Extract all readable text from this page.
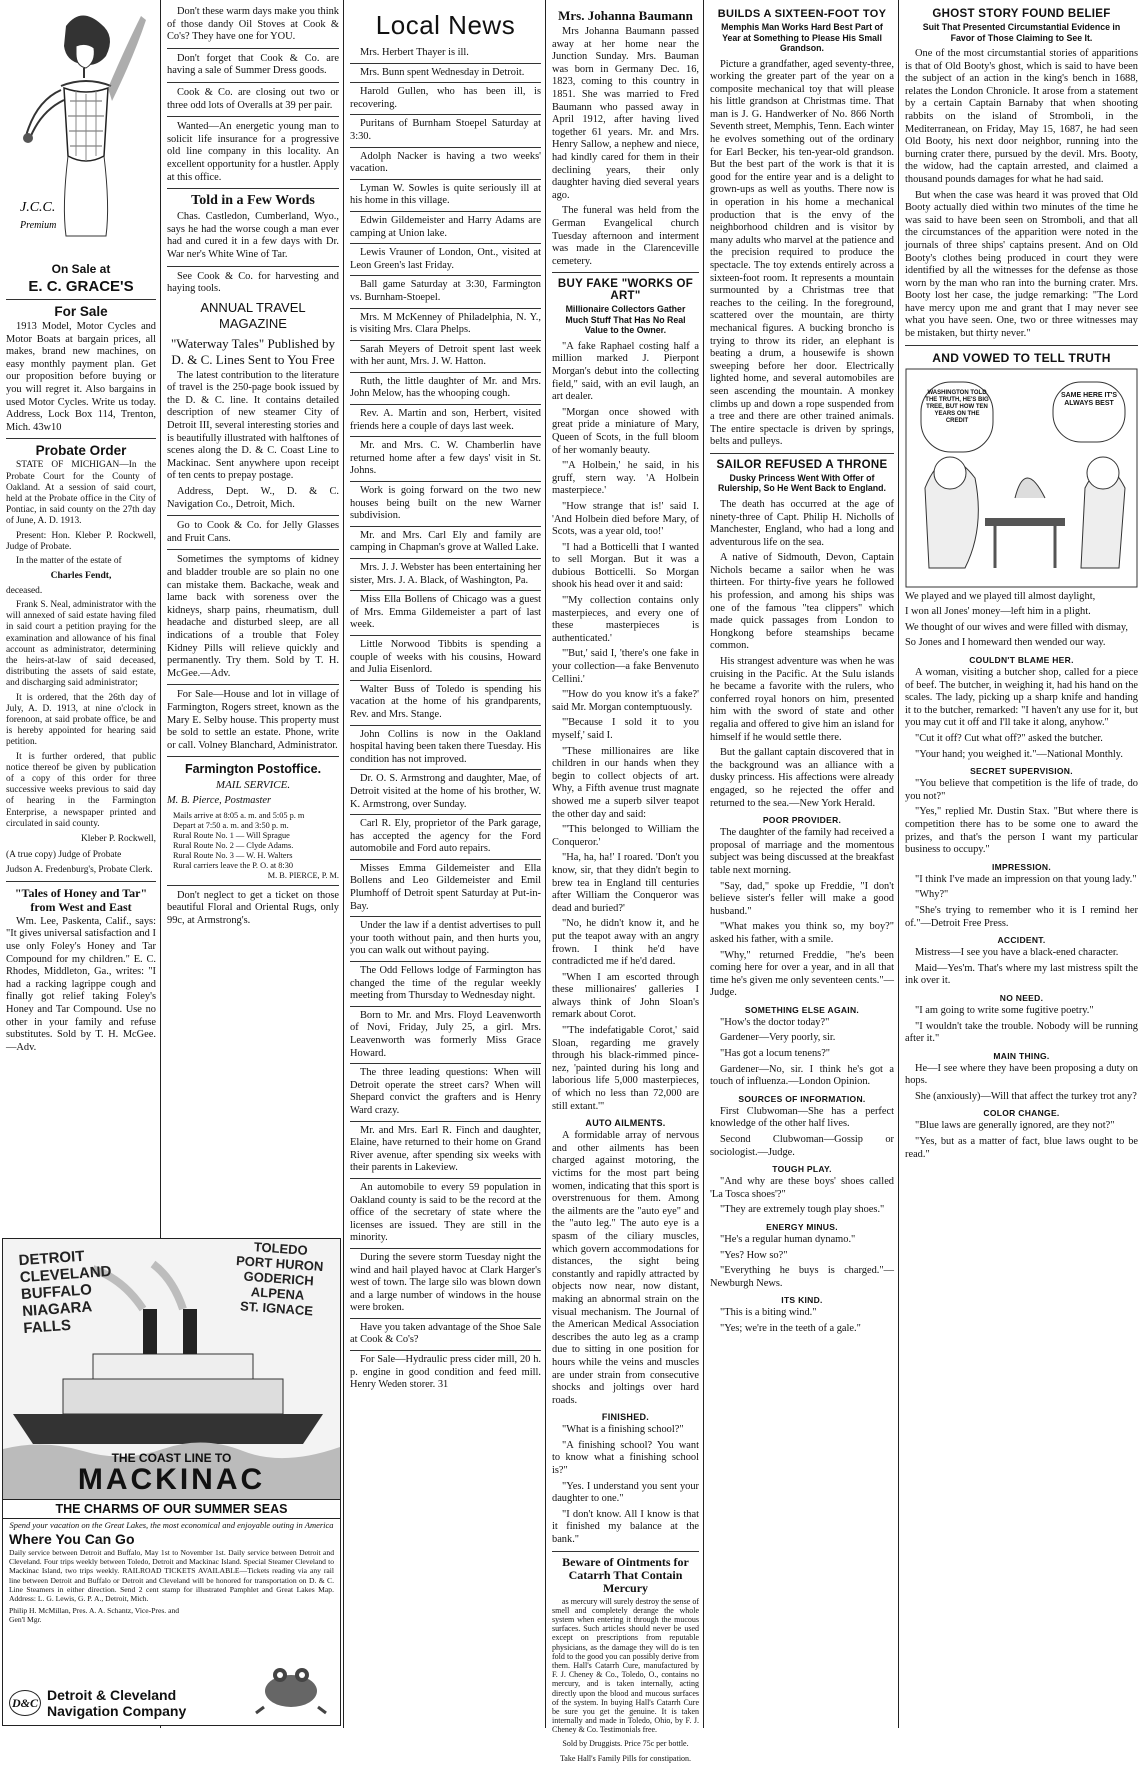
J.C.C.
Premium
On Sale at
E. C. GRACE'S
For Sale

1913 Model, Motor Cycles and Motor Boats at bargain prices, all makes, brand new machines, on easy monthly payment plan. Get our proposition before buying or you will regret it. Also bargains in used Motor Cycles. Write us today. Address, Lock Box 114, Trenton, Mich. 43w10

Probate Order

STATE OF MICHIGAN—In the Probate Court for the County of Oakland. At a session of said court, held at the Probate office in the City of Pontiac, in said county on the 27th day of June, A. D. 1913.

Present: Hon. Kleber P. Rockwell, Judge of Probate.

In the matter of the estate of

Charles Fendt,

deceased.

Frank S. Neal, administrator with the will annexed of said estate having filed in said court a petition praying for the examination and allowance of his final account as administrator, determining the heirs-at-law of said deceased, distributing the assets of said estate, and discharging said administrator;

It is ordered, that the 26th day of July, A. D. 1913, at nine o'clock in forenoon, at said probate office, be and is hereby appointed for hearing said petition.

It is further ordered, that public notice thereof be given by publication of a copy of this order for three successive weeks previous to said day of hearing in the Farmington Enterprise, a newspaper printed and circulated in said county.

Kleber P. Rockwell,

(A true copy) Judge of Probate

Judson A. Fredenburg's, Probate Clerk.

"Tales of Honey and Tar" from West and East

Wm. Lee, Paskenta, Calif., says: "It gives universal satisfaction and I use only Foley's Honey and Tar Compound for my children." E. C. Rhodes, Middleton, Ga., writes: "I had a racking lagrippe cough and finally got relief taking Foley's Honey and Tar Compound. Use no other in your family and refuse substitutes. Sold by T. H. McGee.—Adv.

Don't these warm days make you think of those dandy Oil Stoves at Cook & Co's? They have one for YOU.

Don't forget that Cook & Co. are having a sale of Summer Dress goods.

Cook & Co. are closing out two or three odd lots of Overalls at 39 per pair.

Wanted—An energetic young man to solicit life insurance for a progressive old line company in this locality. An excellent opportunity for a hustler. Apply at this office.

Told in a Few Words

Chas. Castledon, Cumberland, Wyo., says he had the worse cough a man ever had and cured it in a few days with Dr. War ner's White Wine of Tar.

See Cook & Co. for harvesting and haying tools.

ANNUAL TRAVEL
MAGAZINE
"Waterway Tales" Published by D. & C. Lines Sent to You Free

The latest contribution to the literature of travel is the 250-page book issued by the D. & C. line. It contains detailed description of new steamer City of Detroit III, several interesting stories and is beautifully illustrated with halftones of scenes along the D. & C. Coast Line to Mackinac. Sent anywhere upon receipt of ten cents to prepay postage.

Address, Dept. W., D. & C. Navigation Co., Detroit, Mich.

Go to Cook & Co. for Jelly Glasses and Fruit Cans.

Sometimes the symptoms of kidney and bladder trouble are so plain no one can mistake them. Backache, weak and lame back with soreness over the kidneys, sharp pains, rheumatism, dull headache and disturbed sleep, are all indications of a trouble that Foley Kidney Pills will relieve quickly and permanently. Try them. Sold by T. H. McGee.—Adv.

For Sale—House and lot in village of Farmington, Rogers street, known as the Mary E. Selby house. This property must be sold to settle an estate. Phone, write or call. Volney Blanchard, Administrator.

Farmington Postoffice.

MAIL SERVICE.

M. B. Pierce, Postmaster

Mails arrive at 8:05 a. m. and 5:05 p. m
Depart at 7:50 a. m. and 3:50 p. m.
Rural Route No. 1 — Will Sprague
Rural Route No. 2 — Clyde Adams.
Rural Route No. 3 — W. H. Walters
Rural carriers leave the P. O. at 8:30
M. B. PIERCE, P. M.

Don't neglect to get a ticket on those beautiful Floral and Oriental Rugs, only 99c, at Armstrong's.

DETROIT
CLEVELAND
BUFFALO
NIAGARA
FALLS
TOLEDO
PORT HURON
GODERICH
ALPENA
ST. IGNACE
THE COAST LINE TO
MACKINAC
THE CHARMS OF OUR SUMMER SEAS
Spend your vacation on the Great Lakes, the most economical and enjoyable outing in America
Where You Can Go
Daily service between Detroit and Buffalo, May 1st to November 1st. Daily service between Detroit and Cleveland. Four trips weekly between Toledo, Detroit and Mackinac Island. Special Steamer Cleveland to Mackinac Island, two trips weekly. RAILROAD TICKETS AVAILABLE—Tickets reading via any rail line between Detroit and Buffalo or Detroit and Cleveland will be honored for transportation on D. & C. Line Steamers in either direction. Send 2 cent stamp for illustrated Pamphlet and Great Lakes Map. Address: L. G. Lewis, G. P. A., Detroit, Mich.
Philip H. McMillan, Pres. A. A. Schantz, Vice-Pres. and Gen'l Mgr.
D&C Detroit & Cleveland
Navigation Company
Local News

Mrs. Herbert Thayer is ill.

Mrs. Bunn spent Wednesday in Detroit.

Harold Gullen, who has been ill, is recovering.

Puritans of Burnham Stoepel Saturday at 3:30.

Adolph Nacker is having a two weeks' vacation.

Lyman W. Sowles is quite seriously ill at his home in this village.

Edwin Gildemeister and Harry Adams are camping at Union lake.

Lewis Vrauner of London, Ont., visited at Leon Green's last Friday.

Ball game Saturday at 3:30, Farmington vs. Burnham-Stoepel.

Mrs. M McKenney of Philadelphia, N. Y., is visiting Mrs. Clara Phelps.

Sarah Meyers of Detroit spent last week with her aunt, Mrs. J. W. Hatton.

Ruth, the little daughter of Mr. and Mrs. John Melow, has the whooping cough.

Rev. A. Martin and son, Herbert, visited friends here a couple of days last week.

Mr. and Mrs. C. W. Chamberlin have returned home after a few days' visit in St. Johns.

Work is going forward on the two new houses being built on the new Warner subdivision.

Mr. and Mrs. Carl Ely and family are camping in Chapman's grove at Walled Lake.

Mrs. J. J. Webster has been entertaining her sister, Mrs. J. A. Black, of Washington, Pa.

Miss Ella Bollens of Chicago was a guest of Mrs. Emma Gildemeister a part of last week.

Little Norwood Tibbits is spending a couple of weeks with his cousins, Howard and Julia Eisenlord.

Walter Buss of Toledo is spending his vacation at the home of his grandparents, Rev. and Mrs. Stange.

John Collins is now in the Oakland hospital having been taken there Tuesday. His condition has not improved.

Dr. O. S. Armstrong and daughter, Mae, of Detroit visited at the home of his brother, W. K. Armstrong, over Sunday.

Carl R. Ely, proprietor of the Park garage, has accepted the agency for the Ford automobile and Ford auto repairs.

Misses Emma Gildemeister and Ella Bollens and Leo Gildemeister and Emil Plumhoff of Detroit spent Saturday at Put-in-Bay.

Under the law if a dentist advertises to pull your tooth without pain, and then hurts you, you can walk out without paying.

The Odd Fellows lodge of Farmington has changed the time of the regular weekly meeting from Thursday to Wednesday night.

Born to Mr. and Mrs. Floyd Leavenworth of Novi, Friday, July 25, a girl. Mrs. Leavenworth was formerly Miss Grace Howard.

The three leading questions: When will Detroit operate the street cars? When will Shepard convict the grafters and is Henry Ward crazy.

Mr. and Mrs. Earl R. Finch and daughter, Elaine, have returned to their home on Grand River avenue, after spending six weeks with their parents in Lakeview.

An automobile to every 59 population in Oakland county is said to be the record at the office of the secretary of state where the licenses are issued. They are still in the minority.

During the severe storm Tuesday night the wind and hail played havoc at Clark Harger's west of town. The large silo was blown down and a large number of windows in the house were broken.

Have you taken advantage of the Shoe Sale at Cook & Co's?

For Sale—Hydraulic press cider mill, 20 h. p. engine in good condition and feed mill. Henry Weden storer. 31

Mrs. Johanna Baumann

Mrs Johanna Baumann passed away at her home near the Junction Sunday. Mrs. Bauman was born in Germany Dec. 16, 1823, coming to this country in 1851. She was married to Fred Baumann who passed away in April 1912, after having lived together 61 years. Mr. and Mrs. Henry Sallow, a nephew and niece, had kindly cared for them in their declining years, their only daughter having died several years ago.

The funeral was held from the German Evangelical church Tuesday afternoon and interment was made in the Clarenceville cemetery.

BUY FAKE "WORKS OF ART"
Millionaire Collectors Gather Much Stuff That Has No Real Value to the Owner.

"A fake Raphael costing half a million marked J. Pierpont Morgan's debut into the collecting field," said, with an evil laugh, an art dealer.

"Morgan once showed with great pride a miniature of Mary, Queen of Scots, in the full bloom of her womanly beauty.

"'A Holbein,' he said, in his gruff, stern way. 'A Holbein masterpiece.'

"How strange that is!' said I. 'And Holbein died before Mary, of Scots, was a year old, too!'

"I had a Botticelli that I wanted to sell Morgan. But it was a dubious Botticelli. So Morgan shook his head over it and said:

"'My collection contains only masterpieces, and every one of these masterpieces is authenticated.'

"'But,' said I, 'there's one fake in your collection—a fake Benvenuto Cellini.'

"'How do you know it's a fake?' said Mr. Morgan contemptuously.

"'Because I sold it to you myself,' said I.

"These millionaires are like children in our hands when they begin to collect objects of art. Why, a Fifth avenue trust magnate showed me a superb silver teapot the other day and said:

"'This belonged to William the Conqueror.'

"Ha, ha, ha!' I roared. 'Don't you know, sir, that they didn't begin to brew tea in England till centuries after William the Conqueror was dead and buried?'

"No, he didn't know it, and he put the teapot away with an angry frown. I think he'd have contradicted me if he'd dared.

"When I am escorted through these millionaires' galleries I always think of John Sloan's remark about Corot.

"'The indefatigable Corot,' said Sloan, regarding me gravely through his black-rimmed pince-nez, 'painted during his long and laborious life 5,000 masterpieces, of which no less than 72,000 are still extant.'"

AUTO AILMENTS.

A formidable array of nervous and other ailments has been charged against motoring, the victims for the most part being women, indicating that this sport is overstrenuous for them. Among the ailments are the "auto eye" and the "auto leg." The auto eye is a spasm of the ciliary muscles, which govern accommodations for distances, the sight being constantly and rapidly attracted by objects now near, now distant, making an abnormal strain on the visual mechanism. The Journal of the American Medical Association describes the auto leg as a cramp due to sitting in one position for hours while the veins and muscles are under strain from consecutive shocks and joltings over hard roads.

FINISHED.

"What is a finishing school?"

"A finishing school? You want to know what a finishing school is?"

"Yes. I understand you sent your daughter to one."

"I don't know. All I know is that it finished my balance at the bank."

Beware of Ointments for Catarrh That Contain Mercury

as mercury will surely destroy the sense of smell and completely derange the whole system when entering it through the mucous surfaces. Such articles should never be used except on prescriptions from reputable physicians, as the damage they will do is ten fold to the good you can possibly derive from them. Hall's Catarrh Cure, manufactured by F. J. Cheney & Co., Toledo, O., contains no mercury, and is taken internally, acting directly upon the blood and mucous surfaces of the system. In buying Hall's Catarrh Cure be sure you get the genuine. It is taken internally and made in Toledo, Ohio, by F. J. Cheney & Co. Testimonials free.

Sold by Druggists. Price 75c per bottle.

Take Hall's Family Pills for constipation.

BUILDS A SIXTEEN-FOOT TOY
Memphis Man Works Hard Best Part of Year at Something to Please His Small Grandson.

Picture a grandfather, aged seventy-three, working the greater part of the year on a composite mechanical toy that will please his little grandson at Christmas time. That man is J. G. Handwerker of No. 866 North Seventh street, Memphis, Tenn. Each winter he evolves something out of the ordinary for Earl Becker, his ten-year-old grandson. But the best part of the work is that it is good for the entire year and is a delight to grown-ups as well as youths. There now is in operation in his home a mechanical production that is the envy of the neighborhood children and is visitor by many adults who marvel at the patience and the precision required to produce the spectacle. The toy extends entirely across a sixteen-foot room. It represents a mountain surmounted by a Christmas tree that reaches to the ceiling. In the foreground, scattered over the mountain, are thirty mechanical figures. A bucking broncho is trying to throw its rider, an elephant is beating a drum, a housewife is shown sweeping before her door. Electrically lighted home, and several automobiles are seen ascending the mountain. A monkey climbs up and down a rope suspended from a tree and there are other trained animals. The entire spectacle is driven by springs, belts and pulleys.

SAILOR REFUSED A THRONE
Dusky Princess Went With Offer of Rulership, So He Went Back to England.

The death has occurred at the age of ninety-three of Capt. Philip H. Nicholls of Manchester, England, who had a long and adventurous life on the sea.

A native of Sidmouth, Devon, Captain Nichols became a sailor when he was thirteen. For thirty-five years he followed his profession, and among his ships was one of the famous "tea clippers" which made quick passages from London to Hongkong before steamships became common.

His strangest adventure was when he was cruising in the Pacific. At the Sulu islands he became a favorite with the rulers, who conferred royal honors on him, presented him with the sword of state and other regalia and offered to give him an island for himself if he would settle there.

But the gallant captain discovered that in the background was an alliance with a dusky princess. His affections were already engaged, so he rejected the offer and returned to the sea.—New York Herald.

POOR PROVIDER.

The daughter of the family had received a proposal of marriage and the momentous subject was being discussed at the breakfast table next morning.

"Say, dad," spoke up Freddie, "I don't believe sister's feller will make a good husband."

"What makes you think so, my boy?" asked his father, with a smile.

"Why," returned Freddie, "he's been coming here for over a year, and in all that time he's given me only seventeen cents."—Judge.

SOMETHING ELSE AGAIN.

"How's the doctor today?"

Gardener—Very poorly, sir.

"Has got a locum tenens?"

Gardener—No, sir. I think he's got a touch of influenza.—London Opinion.

SOURCES OF INFORMATION.

First Clubwoman—She has a perfect knowledge of the other half lives.

Second Clubwoman—Gossip or sociologist.—Judge.

TOUGH PLAY.

"And why are these boys' shoes called 'La Tosca shoes'?"

"They are extremely tough play shoes."

ENERGY MINUS.

"He's a regular human dynamo."

"Yes? How so?"

"Everything he buys is charged."—Newburgh News.

ITS KIND.

"This is a biting wind."

"Yes; we're in the teeth of a gale."

GHOST STORY FOUND BELIEF
Suit That Presented Circumstantial Evidence in Favor of Those Claiming to See It.

One of the most circumstantial stories of apparitions is that of Old Booty's ghost, which is said to have been the subject of an action in the king's bench in 1688, relates the London Chronicle. It arose from a statement by a certain Captain Barnaby that when shooting rabbits on the island of Stromboli, in the Mediterranean, on Friday, May 15, 1687, he had seen Old Booty, his next door neighbor, running into the burning crater there, pursued by the devil. Mrs. Booty, the widow, had the captain arrested, and claimed a thousand pounds damages for what he had said.

But when the case was heard it was proved that Old Booty actually died within two minutes of the time he was said to have been seen on Stromboli, and that all the circumstances of the apparition were noted in the journals of three ships' captains present. And on Old Booty's clothes being produced in court they were identified by all the witnesses for the defense as those worn by the man who ran into the burning crater. Mrs. Booty lost her case, the judge remarking: "The Lord have mercy upon me and grant that I may never see what you have seen. One, two or three witnesses may be mistaken, but thirty never."

AND VOWED TO TELL TRUTH
WASHINGTON TOLD THE TRUTH, HE'S BIG TREE, BUT HOW TEN YEARS ON THE CREDIT
SAME HERE IT'S ALWAYS BEST

We played and we played till almost daylight,

I won all Jones' money—left him in a plight.

We thought of our wives and were filled with dismay,

So Jones and I homeward then wended our way.

COULDN'T BLAME HER.

A woman, visiting a butcher shop, called for a piece of beef. The butcher, in weighing it, had his hand on the scales. The lady, picking up a sharp knife and handing it to the butcher, remarked: "I haven't any use for it, but you may cut it off and I'll take it along, anyhow."

"Cut it off? Cut what off?" asked the butcher.

"Your hand; you weighed it."—National Monthly.

SECRET SUPERVISION.

"You believe that competition is the life of trade, do you not?"

"Yes," replied Mr. Dustin Stax. "But where there is competition there has to be some one to award the prizes, and that's the person I want my particular business to occupy."

IMPRESSION.

"I think I've made an impression on that young lady."

"Why?"

"She's trying to remember who it is I remind her of."—Detroit Free Press.

ACCIDENT.

Mistress—I see you have a black-ened character.

Maid—Yes'm. That's where my last mistress spilt the ink over it.

NO NEED.

"I am going to write some fugitive poetry."

"I wouldn't take the trouble. Nobody will be running after it."

MAIN THING.

He—I see where they have been proposing a duty on hops.

She (anxiously)—Will that affect the turkey trot any?

COLOR CHANGE.

"Blue laws are generally ignored, are they not?"

"Yes, but as a matter of fact, blue laws ought to be read."
